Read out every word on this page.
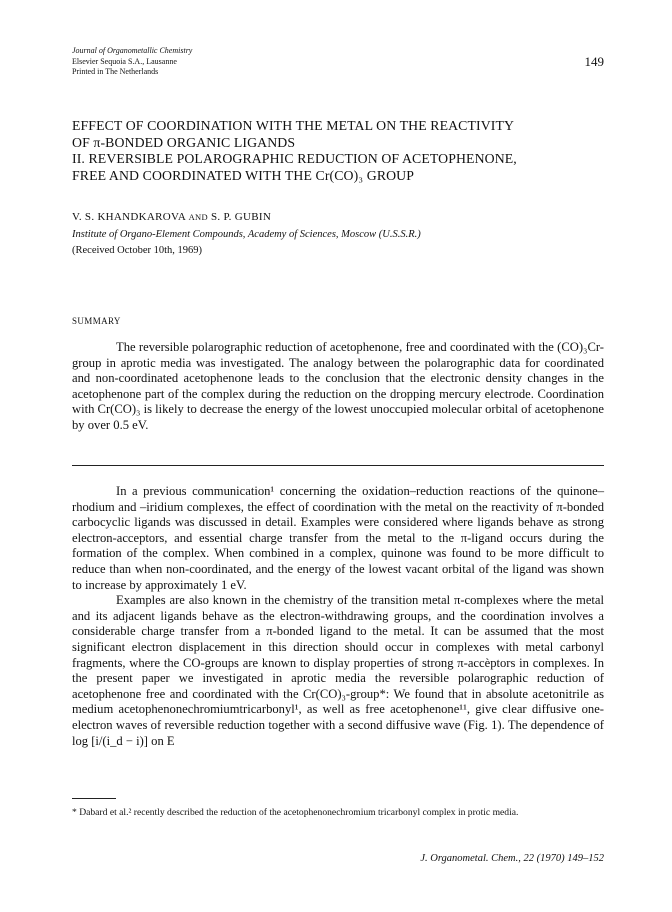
Journal of Organometallic Chemistry
Elsevier Sequoia S.A., Lausanne
Printed in The Netherlands
149
EFFECT OF COORDINATION WITH THE METAL ON THE REACTIVITY
OF π-BONDED ORGANIC LIGANDS
II. REVERSIBLE POLAROGRAPHIC REDUCTION OF ACETOPHENONE,
FREE AND COORDINATED WITH THE Cr(CO)₃ GROUP
V. S. KHANDKAROVA AND S. P. GUBIN
Institute of Organo-Element Compounds, Academy of Sciences, Moscow (U.S.S.R.)
(Received October 10th, 1969)
SUMMARY

The reversible polarographic reduction of acetophenone, free and coordinated with the (CO)₃Cr-group in aprotic media was investigated. The analogy between the polarographic data for coordinated and non-coordinated acetophenone leads to the conclusion that the electronic density changes in the acetophenone part of the complex during the reduction on the dropping mercury electrode. Coordination with Cr(CO)₃ is likely to decrease the energy of the lowest unoccupied molecular orbital of acetophenone by over 0.5 eV.

In a previous communication¹ concerning the oxidation–reduction reactions of the quinone–rhodium and –iridium complexes, the effect of coordination with the metal on the reactivity of π-bonded carbocyclic ligands was discussed in detail. Examples were considered where ligands behave as strong electron-acceptors, and essential charge transfer from the metal to the π-ligand occurs during the formation of the complex. When combined in a complex, quinone was found to be more difficult to reduce than when non-coordinated, and the energy of the lowest vacant orbital of the ligand was shown to increase by approximately 1 eV.

Examples are also known in the chemistry of the transition metal π-complexes where the metal and its adjacent ligands behave as the electron-withdrawing groups, and the coordination involves a considerable charge transfer from a π-bonded ligand to the metal. It can be assumed that the most significant electron displacement in this direction should occur in complexes with metal carbonyl fragments, where the CO-groups are known to display properties of strong π-accèptors in complexes. In the present paper we investigated in aprotic media the reversible polarographic reduction of acetophenone free and coordinated with the Cr(CO)₃-group*: We found that in absolute acetonitrile as medium acetophenonechromiumtricarbonyl¹, as well as free acetophenone¹¹, give clear diffusive one-electron waves of reversible reduction together with a second diffusive wave (Fig. 1). The dependence of log [i/(i_d − i)] on E

* Dabard et al.² recently described the reduction of the acetophenonechromium tricarbonyl complex in protic media.
J. Organometal. Chem., 22 (1970) 149–152
